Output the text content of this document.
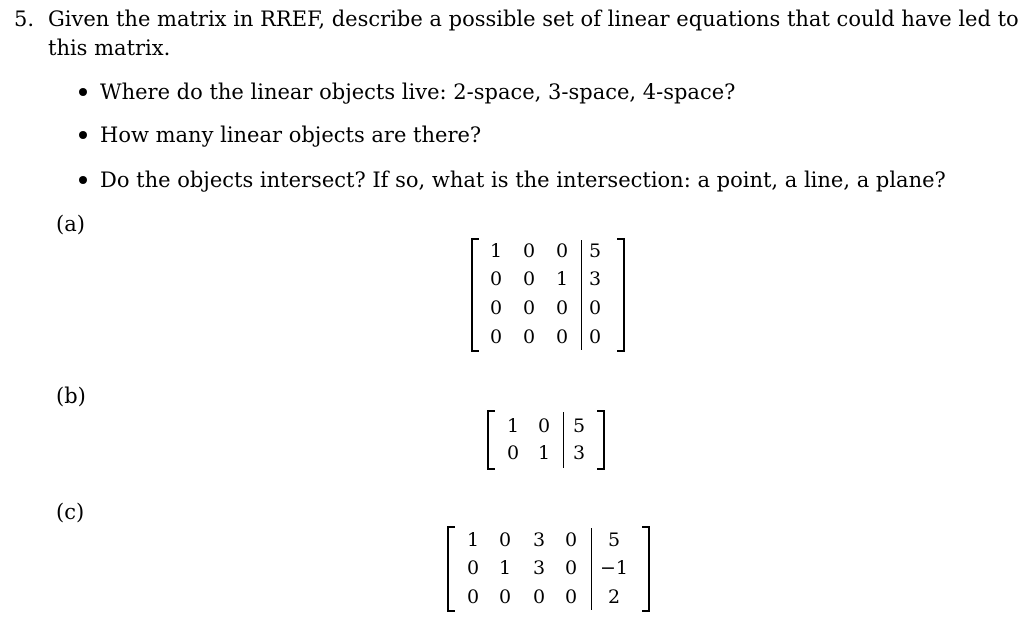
5. Given the matrix in RREF, describe a possible set of linear equations that could have led to
this matrix.
Where do the linear objects live: 2-space, 3-space, 4-space?
How many linear objects are there?
Do the objects intersect? If so, what is the intersection: a point, a line, a plane?
(a)
1 0 0 5
0 0 1 3
0 0 0 0
0 0 0 0
(b)
1 0 5
0 1 3
(c)
1 0 3 0	5
0 1 3 0 −1
0 0 0 0	2
